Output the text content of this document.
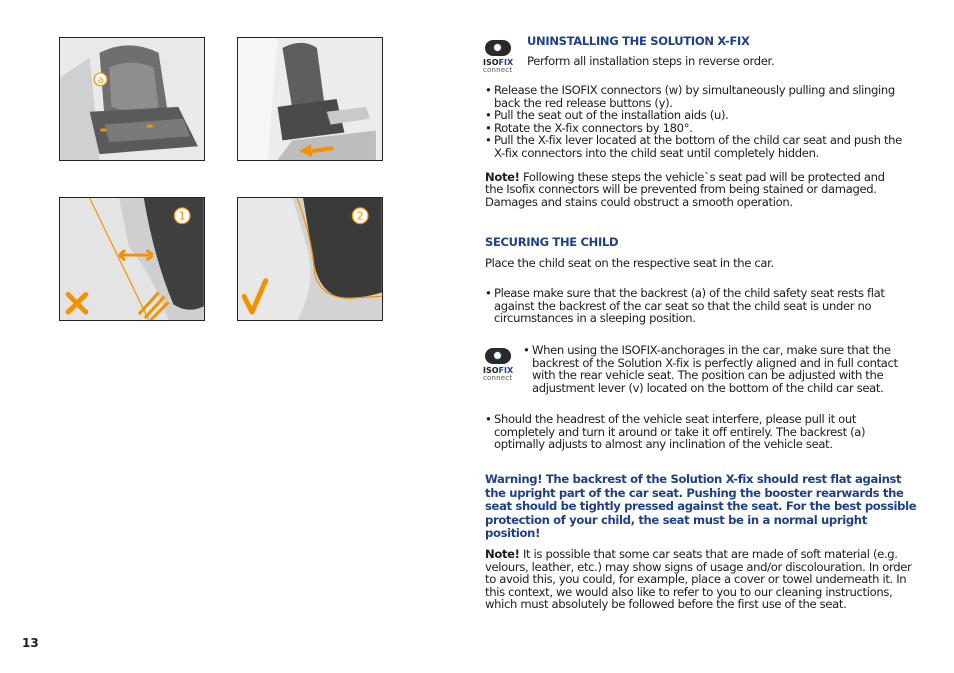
a
1	2
13
ISOFIX
connect
ISOFIX
connect
UNINSTALLING THE SOLUTION X-FIX
Perform all installation steps in reverse order.
• Release the ISOFIX connectors (w) by simultaneously pulling and slinging back the red release buttons (y).
• Pull the seat out of the installation aids (u).
• Rotate the X-fix connectors by 180°.
• Pull the X-fix lever located at the bottom of the child car seat and push the X-fix connectors into the child seat until completely hidden.
Note! Following these steps the vehicle`s seat pad will be protected and the Isofix connectors will be prevented from being stained or damaged. Damages and stains could obstruct a smooth operation.
SECURING THE CHILD
Place the child seat on the respective seat in the car.
• Please make sure that the backrest (a) of the child safety seat rests flat against the backrest of the car seat so that the child seat is under no circumstances in a sleeping position.
• When using the ISOFIX-anchorages in the car, make sure that the backrest of the Solution X-fix is perfectly aligned and in full contact with the rear vehicle seat. The position can be adjusted with the adjustment lever (v) located on the bottom of the child car seat.
• Should the headrest of the vehicle seat interfere, please pull it out completely and turn it around or take it off entirely. The backrest (a) optimally adjusts to almost any inclination of the vehicle seat.
Warning! The backrest of the Solution X-fix should rest flat against the upright part of the car seat. Pushing the booster rearwards the seat should be tightly pressed against the seat. For the best possible protection of your child, the seat must be in a normal upright position!
Note! It is possible that some car seats that are made of soft material (e.g. velours, leather, etc.) may show signs of usage and/or discolouration. In order to avoid this, you could, for example, place a cover or towel underneath it. In this context, we would also like to refer to you to our cleaning instructions, which must absolutely be followed before the first use of the seat.
